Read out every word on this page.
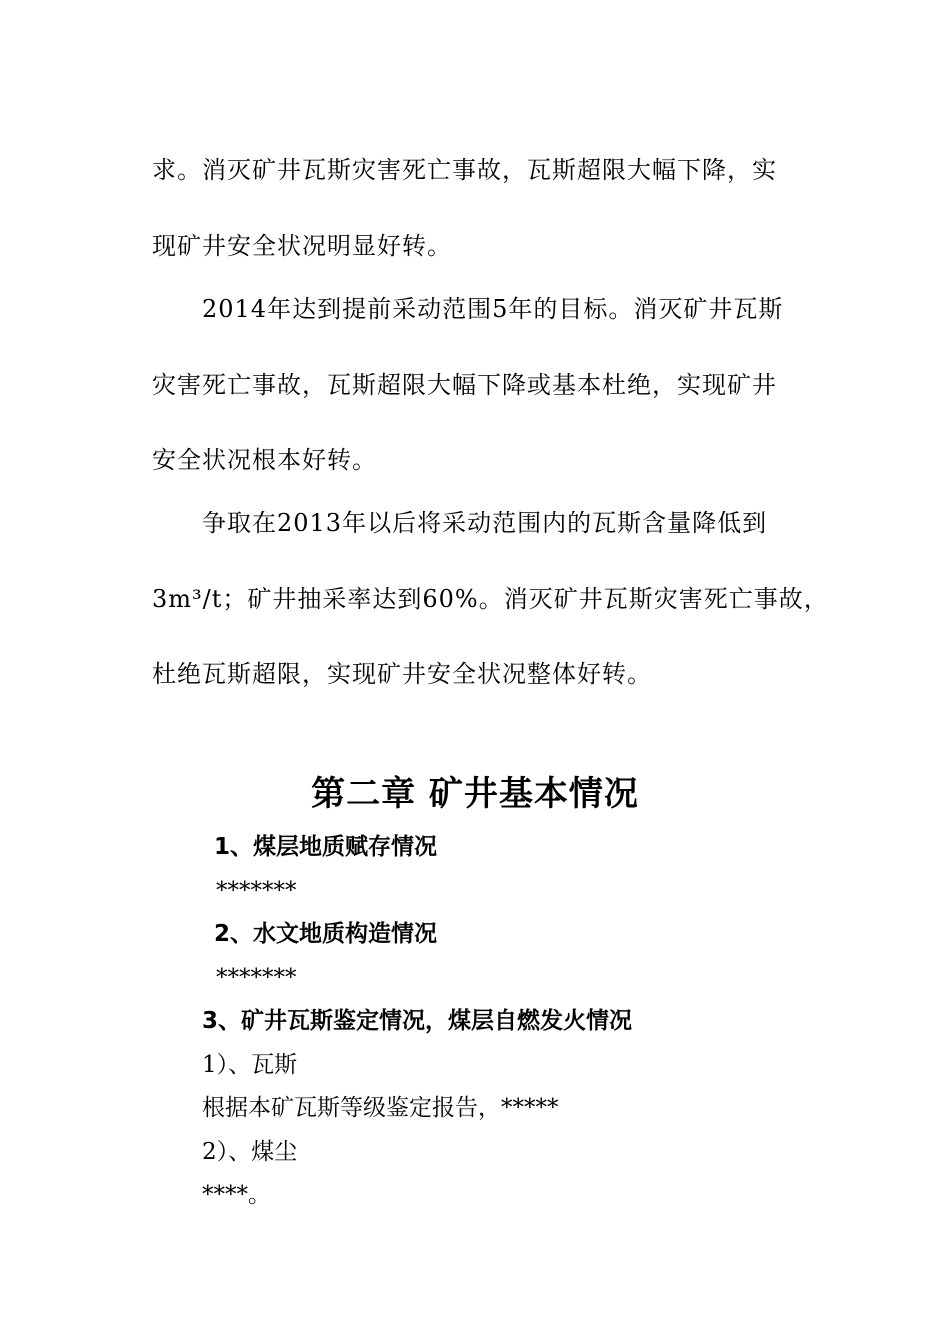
求。消灭矿井瓦斯灾害死亡事故，瓦斯超限大幅下降，实
现矿井安全状况明显好转。
2014年达到提前采动范围5年的目标。消灭矿井瓦斯
灾害死亡事故，瓦斯超限大幅下降或基本杜绝，实现矿井
安全状况根本好转。
争取在2013年以后将采动范围内的瓦斯含量降低到
3m³/t；矿井抽采率达到60%。消灭矿井瓦斯灾害死亡事故，
杜绝瓦斯超限，实现矿井安全状况整体好转。
第二章 矿井基本情况
1、煤层地质赋存情况
*******
2、水文地质构造情况
*******
3、矿井瓦斯鉴定情况，煤层自燃发火情况
1）、瓦斯
根据本矿瓦斯等级鉴定报告，*****
2）、煤尘
****。
